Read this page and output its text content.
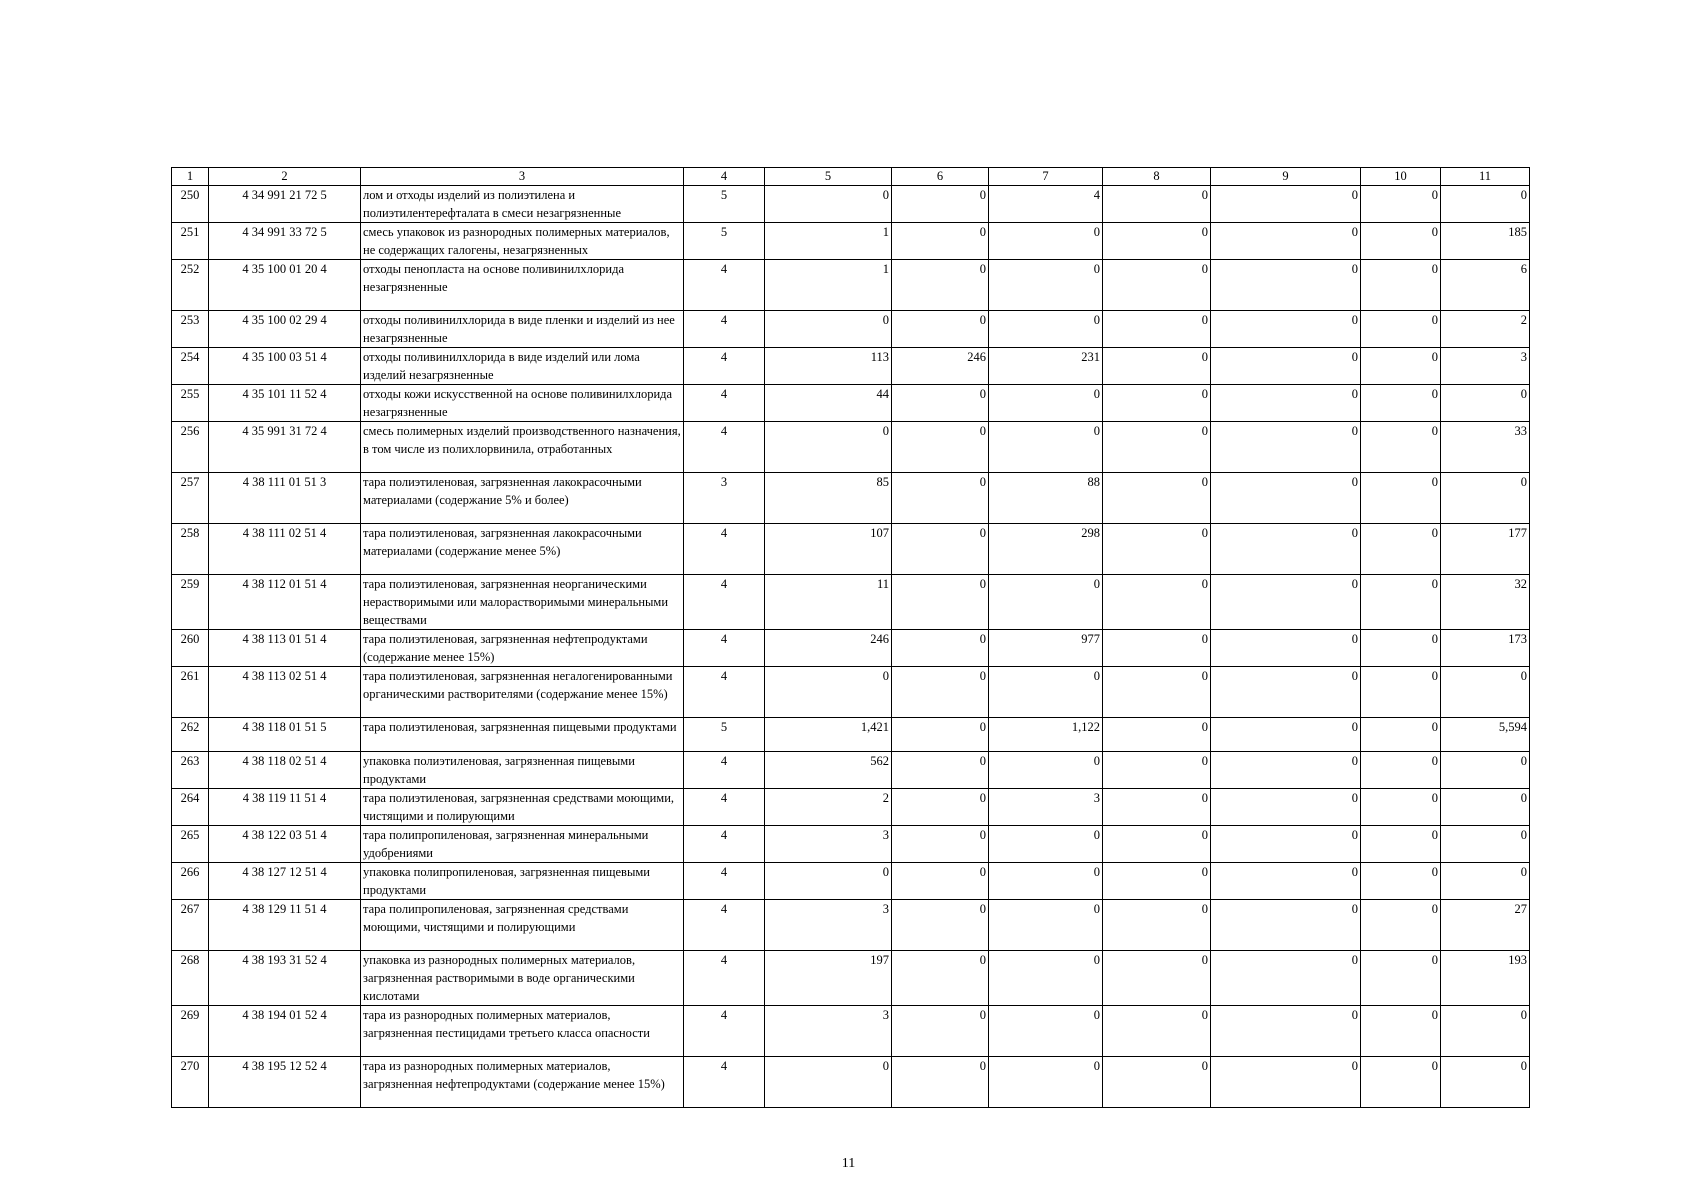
1	2	3	4	5	6	7	8	9	10	11
250	4 34 991 21 72 5	лом и отходы изделий из полиэтилена и полиэтилентерефталата в смеси незагрязненные	5	0	0	4	0	0	0	0
251	4 34 991 33 72 5	смесь упаковок из разнородных полимерных материалов, не содержащих галогены, незагрязненных	5	1	0	0	0	0	0	185
252	4 35 100 01 20 4	отходы пенопласта на основе поливинилхлорида незагрязненные	4	1	0	0	0	0	0	6
253	4 35 100 02 29 4	отходы поливинилхлорида в виде пленки и изделий из нее незагрязненные	4	0	0	0	0	0	0	2
254	4 35 100 03 51 4	отходы поливинилхлорида в виде изделий или лома изделий незагрязненные	4	113	246	231	0	0	0	3
255	4 35 101 11 52 4	отходы кожи искусственной на основе поливинилхлорида незагрязненные	4	44	0	0	0	0	0	0
256	4 35 991 31 72 4	смесь полимерных изделий производственного назначения, в том числе из полихлорвинила, отработанных	4	0	0	0	0	0	0	33
257	4 38 111 01 51 3	тара полиэтиленовая, загрязненная лакокрасочными материалами (содержание 5% и более)	3	85	0	88	0	0	0	0
258	4 38 111 02 51 4	тара полиэтиленовая, загрязненная лакокрасочными материалами (содержание менее 5%)	4	107	0	298	0	0	0	177
259	4 38 112 01 51 4	тара полиэтиленовая, загрязненная неорганическими нерастворимыми или малорастворимыми минеральными веществами	4	11	0	0	0	0	0	32
260	4 38 113 01 51 4	тара полиэтиленовая, загрязненная нефтепродуктами (содержание менее 15%)	4	246	0	977	0	0	0	173
261	4 38 113 02 51 4	тара полиэтиленовая, загрязненная негалогенированными органическими растворителями (содержание менее 15%)	4	0	0	0	0	0	0	0
262	4 38 118 01 51 5	тара полиэтиленовая, загрязненная пищевыми продуктами	5	1,421	0	1,122	0	0	0	5,594
263	4 38 118 02 51 4	упаковка полиэтиленовая, загрязненная пищевыми продуктами	4	562	0	0	0	0	0	0
264	4 38 119 11 51 4	тара полиэтиленовая, загрязненная средствами моющими, чистящими и полирующими	4	2	0	3	0	0	0	0
265	4 38 122 03 51 4	тара полипропиленовая, загрязненная минеральными удобрениями	4	3	0	0	0	0	0	0
266	4 38 127 12 51 4	упаковка полипропиленовая, загрязненная пищевыми продуктами	4	0	0	0	0	0	0	0
267	4 38 129 11 51 4	тара полипропиленовая, загрязненная средствами моющими, чистящими и полирующими	4	3	0	0	0	0	0	27
268	4 38 193 31 52 4	упаковка из разнородных полимерных материалов, загрязненная растворимыми в воде органическими кислотами	4	197	0	0	0	0	0	193
269	4 38 194 01 52 4	тара из разнородных полимерных материалов, загрязненная пестицидами третьего класса опасности	4	3	0	0	0	0	0	0
270	4 38 195 12 52 4	тара из разнородных полимерных материалов, загрязненная нефтепродуктами (содержание менее 15%)	4	0	0	0	0	0	0	0
11
